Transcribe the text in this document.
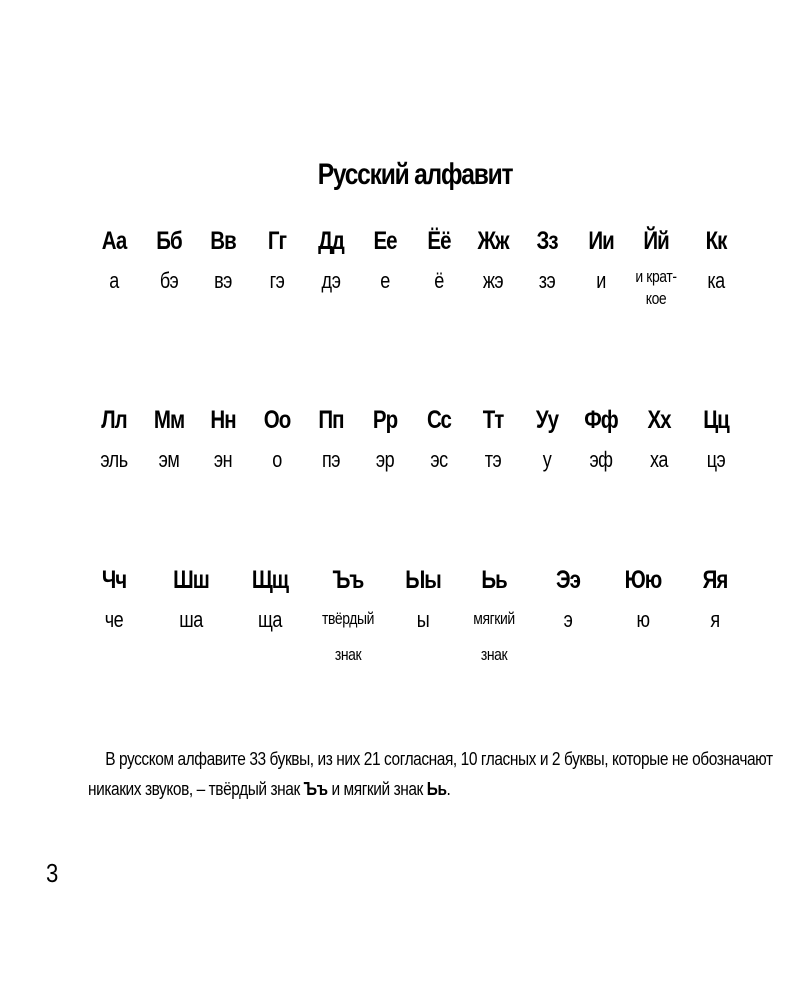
Русский алфавит
Аа
а
Бб
бэ
Вв
вэ
Гг
гэ
Дд
дэ
Ее
е
Ёё
ё
Жж
жэ
Зз
зэ
Ии
и
Йй
и крат-
кое
Кк
ка
Лл
эль
Мм
эм
Нн
эн
Оо
о
Пп
пэ
Рр
эр
Сс
эс
Тт
тэ
Уу
у
Фф
эф
Хх
ха
Цц
цэ
Чч
че
Шш
ша
Щщ
ща
Ъъ
твёрдый
знак
Ыы
ы
Ьь
мягкий
знак
Ээ
э
Юю
ю
Яя
я
В русском алфавите 33 буквы, из них 21 согласная, 10 гласных и 2 буквы, которые не обозначают
никаких звуков, – твёрдый знак Ъъ и мягкий знак Ьь.
3
